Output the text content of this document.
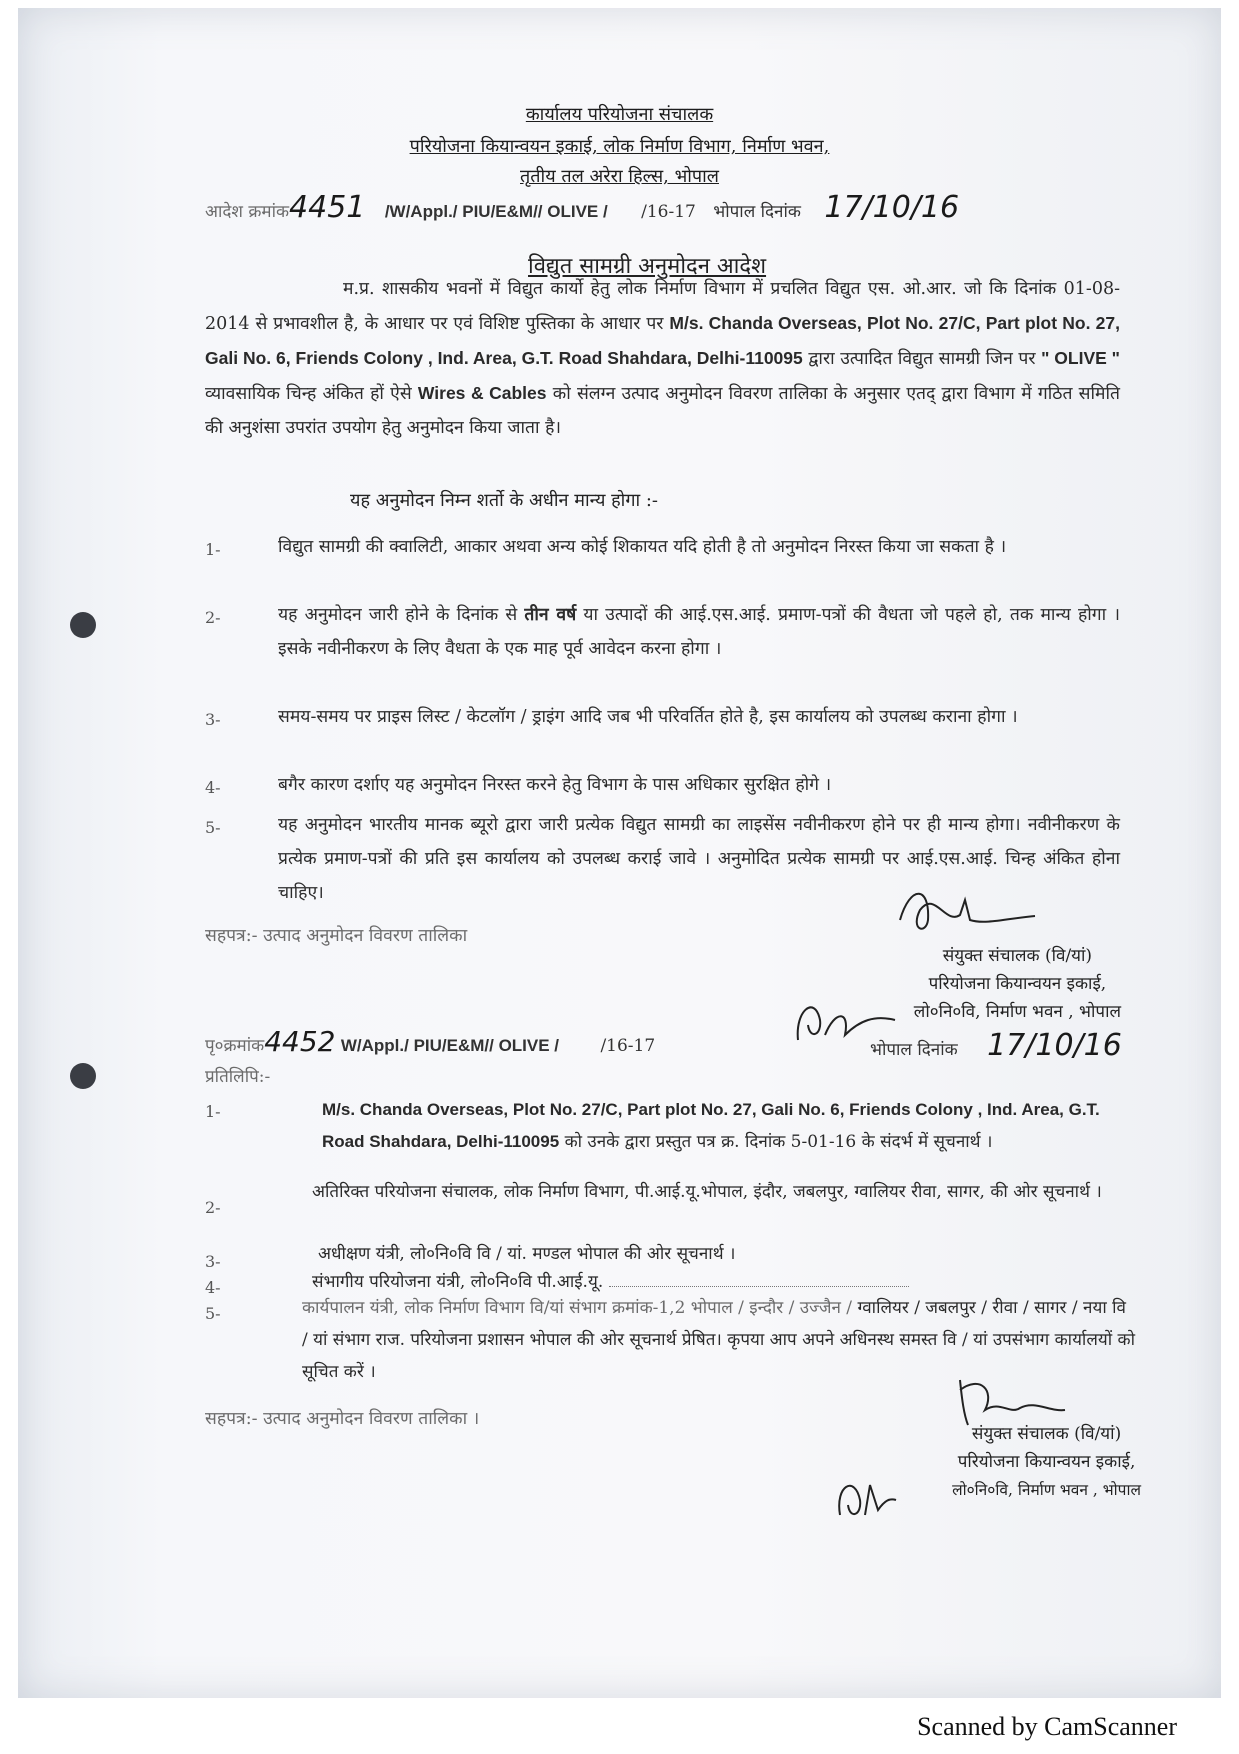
कार्यालय परियोजना संचालक
परियोजना कियान्वयन इकाई, लोक निर्माण विभाग, निर्माण भवन,
तृतीय तल अरेरा हिल्स, भोपाल
आदेश क्रमांक4451 /W/Appl./ PIU/E&M// OLIVE / /16-17 भोपाल दिनांक 17/10/16
विद्युत सामग्री अनुमोदन आदेश
म.प्र. शासकीय भवनों में विद्युत कार्यो हेतु लोक निर्माण विभाग में प्रचलित विद्युत एस. ओ.आर. जो कि दिनांक 01-08-2014 से प्रभावशील है, के आधार पर एवं विशिष्ट पुस्तिका के आधार पर M/s. Chanda Overseas, Plot No. 27/C, Part plot No. 27, Gali No. 6, Friends Colony , Ind. Area, G.T. Road Shahdara, Delhi-110095 द्वारा उत्पादित विद्युत सामग्री जिन पर " OLIVE " व्यावसायिक चिन्ह अंकित हों ऐसे Wires & Cables को संलग्न उत्पाद अनुमोदन विवरण तालिका के अनुसार एतद् द्वारा विभाग में गठित समिति की अनुशंसा उपरांत उपयोग हेतु अनुमोदन किया जाता है।
यह अनुमोदन निम्न शर्तो के अधीन मान्य होगा :-
1-	विद्युत सामग्री की क्वालिटी, आकार अथवा अन्य कोई शिकायत यदि होती है तो अनुमोदन निरस्त किया जा सकता है ।
2-	यह अनुमोदन जारी होने के दिनांक से तीन वर्ष या उत्पादों की आई.एस.आई. प्रमाण-पत्रों की वैधता जो पहले हो, तक मान्य होगा । इसके नवीनीकरण के लिए वैधता के एक माह पूर्व आवेदन करना होगा ।
3-	समय-समय पर प्राइस लिस्ट / केटलॉग / ड्राइंग आदि जब भी परिवर्तित होते है, इस कार्यालय को उपलब्ध कराना होगा ।
4-	बगैर कारण दर्शाए यह अनुमोदन निरस्त करने हेतु विभाग के पास अधिकार सुरक्षित होगे ।
5-	यह अनुमोदन भारतीय मानक ब्यूरो द्वारा जारी प्रत्येक विद्युत सामग्री का लाइसेंस नवीनीकरण होने पर ही मान्य होगा। नवीनीकरण के प्रत्येक प्रमाण-पत्रों की प्रति इस कार्यालय को उपलब्ध कराई जावे । अनुमोदित प्रत्येक सामग्री पर आई.एस.आई. चिन्ह अंकित होना चाहिए।
सहपत्र:- उत्पाद अनुमोदन विवरण तालिका
संयुक्त संचालक (वि/यां)
परियोजना कियान्वयन इकाई,
लो०नि०वि, निर्माण भवन , भोपाल
पृ०क्रमांक4452 W/Appl./ PIU/E&M// OLIVE / /16-17	भोपाल दिनांक 17/10/16
प्रतिलिपि:-
1-	M/s. Chanda Overseas, Plot No. 27/C, Part plot No. 27, Gali No. 6, Friends Colony , Ind. Area, G.T. Road Shahdara, Delhi-110095 को उनके द्वारा प्रस्तुत पत्र क्र. दिनांक 5-01-16 के संदर्भ में सूचनार्थ ।
2-
अतिरिक्त परियोजना संचालक, लोक निर्माण विभाग, पी.आई.यू.भोपाल, इंदौर, जबलपुर, ग्वालियर रीवा, सागर, की ओर सूचनार्थ ।
3-	अधीक्षण यंत्री, लो०नि०वि वि / यां. मण्डल भोपाल की ओर सूचनार्थ ।
4-	संभागीय परियोजना यंत्री, लो०नि०वि पी.आई.यू.
5-	कार्यपालन यंत्री, लोक निर्माण विभाग वि/यां संभाग क्रमांक-1,2 भोपाल / इन्दौर / उज्जैन / ग्वालियर / जबलपुर / रीवा / सागर / नया वि / यां संभाग राज. परियोजना प्रशासन भोपाल की ओर सूचनार्थ प्रेषित। कृपया आप अपने अधिनस्थ समस्त वि / यां उपसंभाग कार्यालयों को सूचित करें ।
सहपत्र:- उत्पाद अनुमोदन विवरण तालिका ।
संयुक्त संचालक (वि/यां)
परियोजना कियान्वयन इकाई,
लो०नि०वि, निर्माण भवन , भोपाल
Scanned by CamScanner
